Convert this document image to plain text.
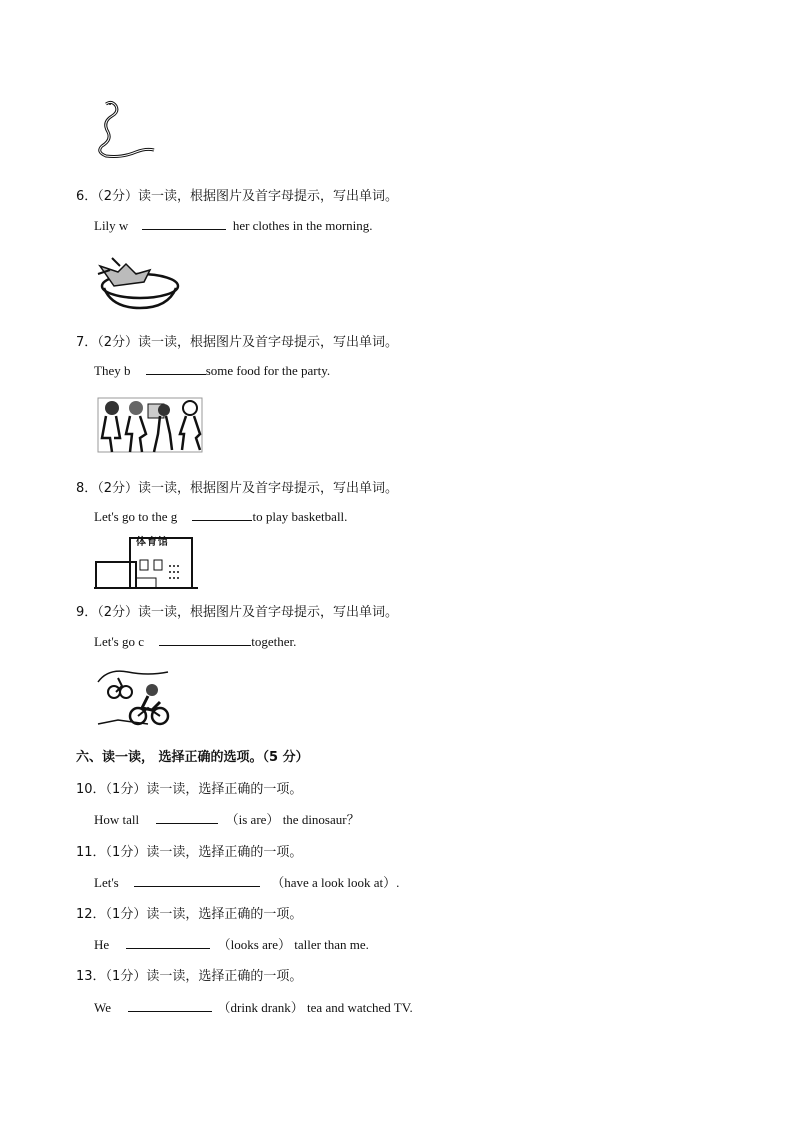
6．（2分）读一读，根据图片及首字母提示，写出单词。
Lily w	her clothes in the morning.
7．（2分）读一读，根据图片及首字母提示，写出单词。
They b	some food for the party.
8．（2分）读一读，根据图片及首字母提示，写出单词。
Let's go to the g	to play basketball.
体育馆
9．（2分）读一读，根据图片及首字母提示，写出单词。
Let's go c	together.
六、读一读， 选择正确的选项。（5 分）
10．（1分）读一读，选择正确的一项。
How tall	（is are） the dinosaur？
11．（1分）读一读，选择正确的一项。
Let's	（have a look look at）.
12．（1分）读一读，选择正确的一项。
He	（looks are） taller than me.
13．（1分）读一读，选择正确的一项。
We	（drink drank） tea and watched TV.
